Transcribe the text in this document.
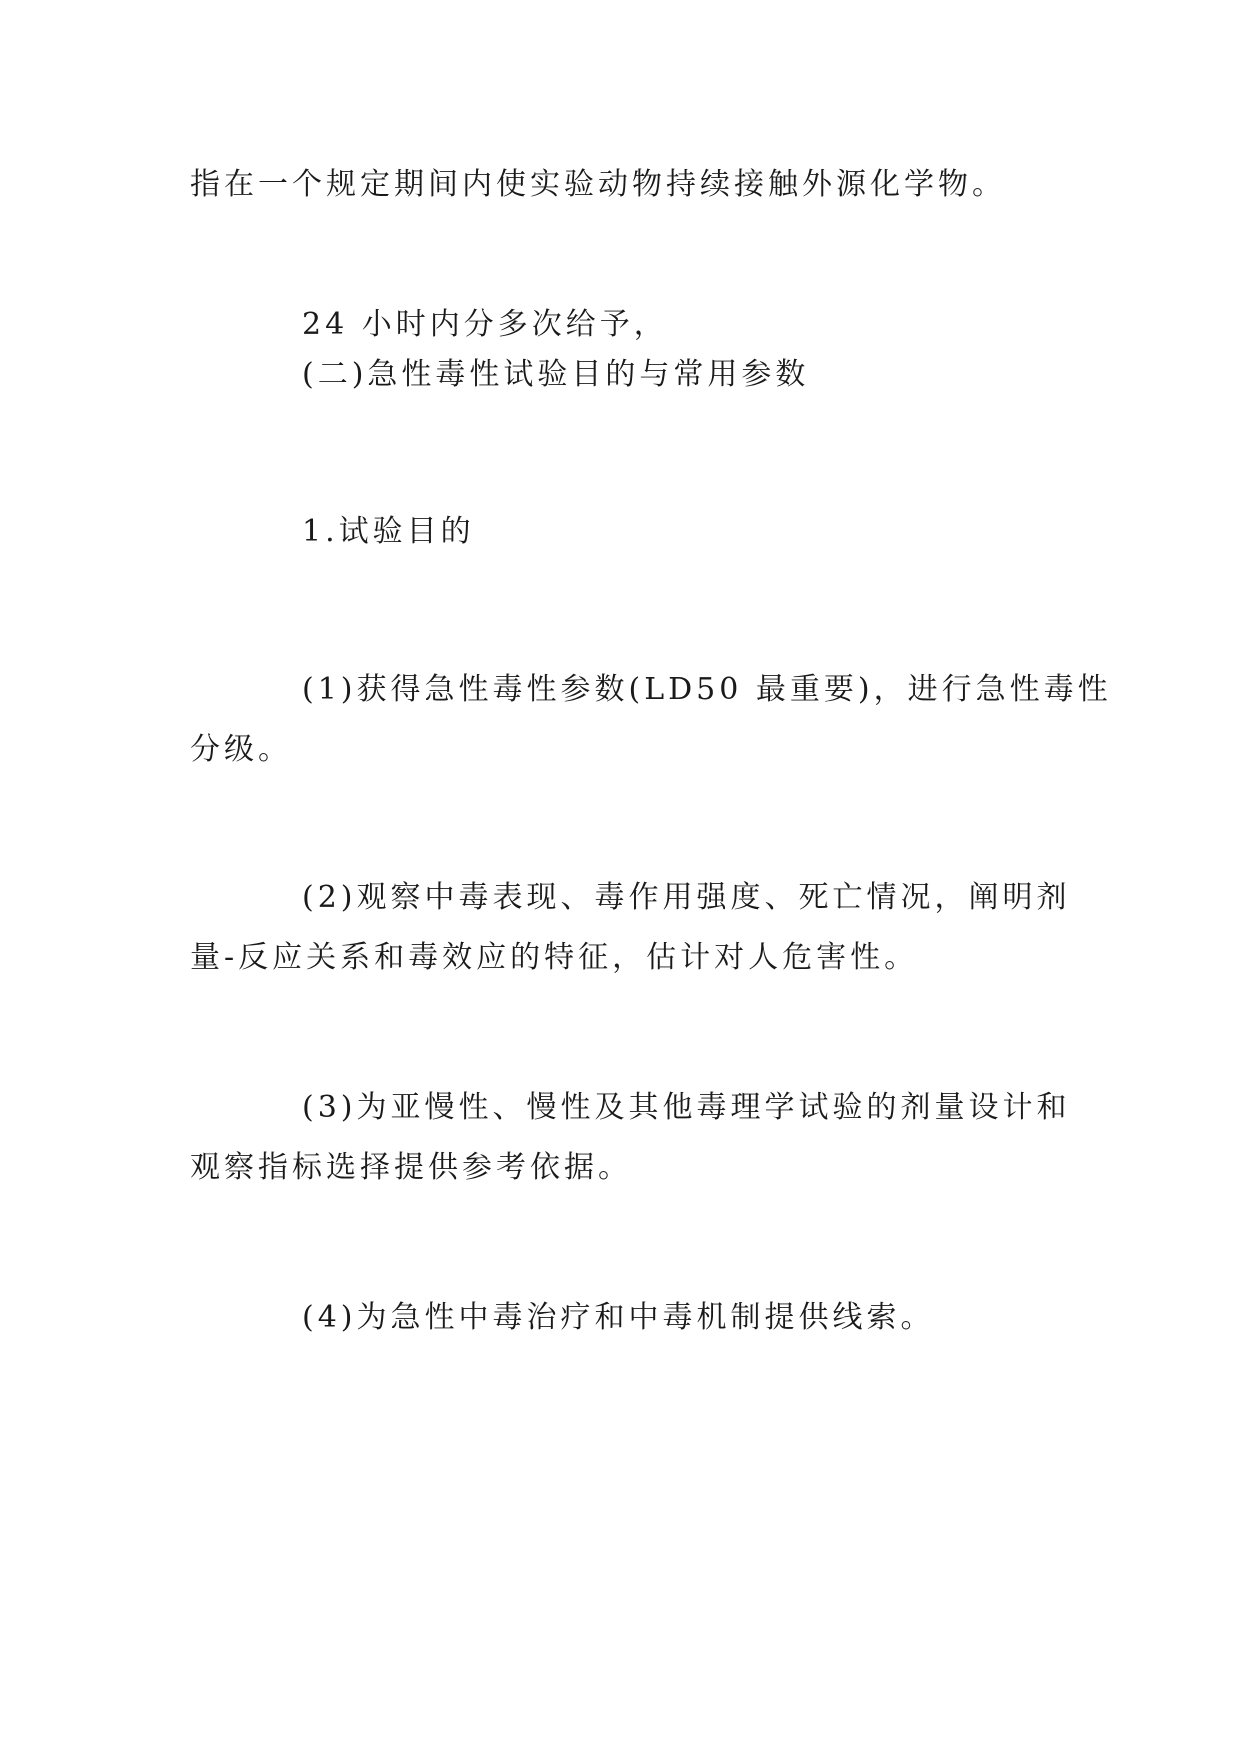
指在一个规定期间内使实验动物持续接触外源化学物。

24 小时内分多次给予，

(二)急性毒性试验目的与常用参数

1.试验目的

(1)获得急性毒性参数(LD50 最重要)，进行急性毒性
分级。

(2)观察中毒表现、毒作用强度、死亡情况，阐明剂
量-反应关系和毒效应的特征，估计对人危害性。

(3)为亚慢性、慢性及其他毒理学试验的剂量设计和
观察指标选择提供参考依据。

(4)为急性中毒治疗和中毒机制提供线索。
